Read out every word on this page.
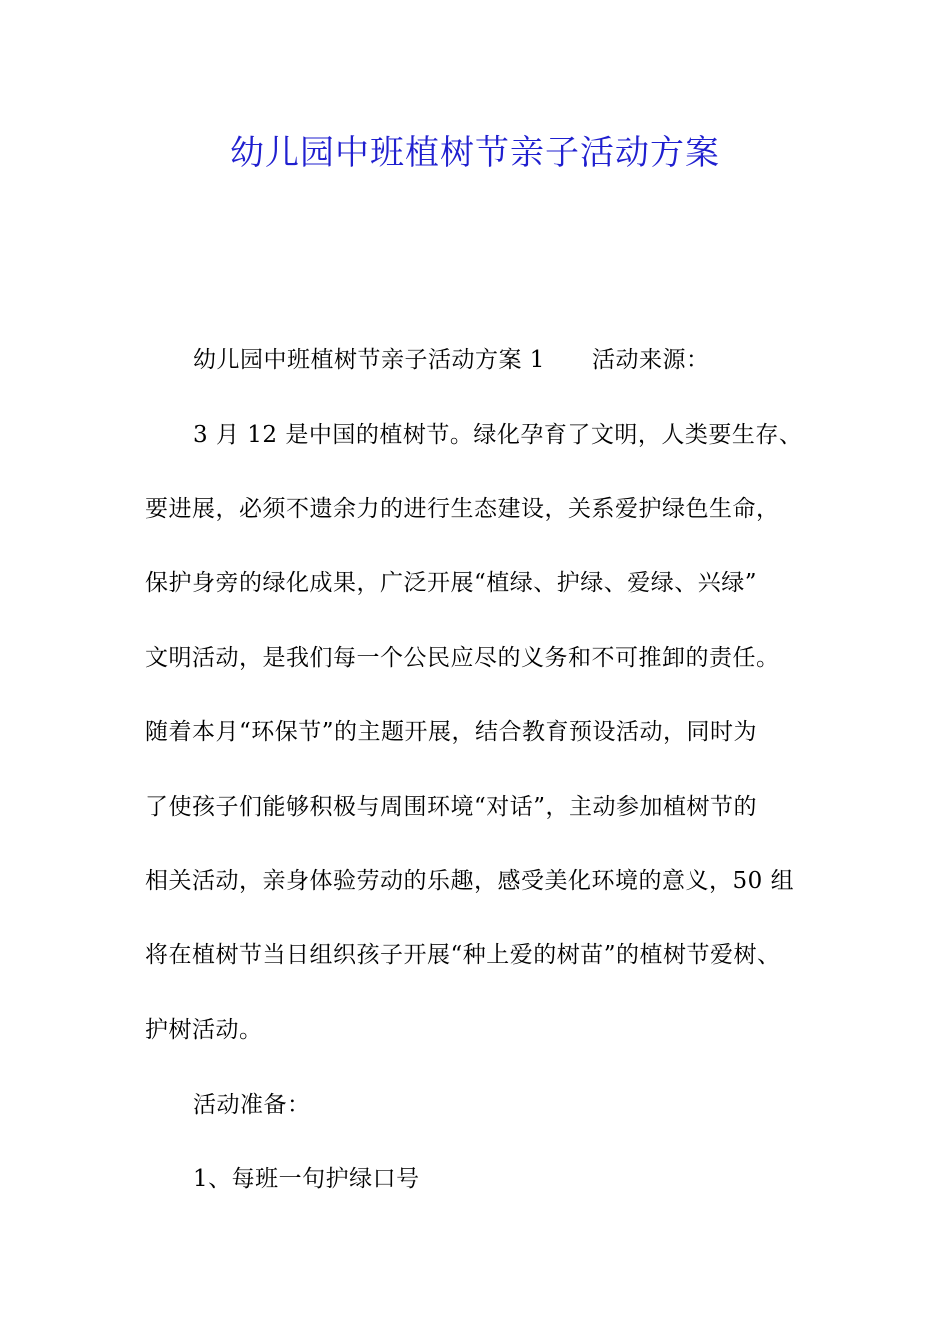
幼儿园中班植树节亲子活动方案
幼儿园中班植树节亲子活动方案 1　　活动来源：
3 月 12 是中国的植树节。绿化孕育了文明，人类要生存、
要进展，必须不遗余力的进行生态建设，关系爱护绿色生命，
保护身旁的绿化成果，广泛开展“植绿、护绿、爱绿、兴绿”
文明活动，是我们每一个公民应尽的义务和不可推卸的责任。
随着本月“环保节”的主题开展，结合教育预设活动，同时为
了使孩子们能够积极与周围环境“对话”，主动参加植树节的
相关活动，亲身体验劳动的乐趣，感受美化环境的意义，50 组
将在植树节当日组织孩子开展“种上爱的树苗”的植树节爱树、
护树活动。
活动准备：
1、每班一句护绿口号
